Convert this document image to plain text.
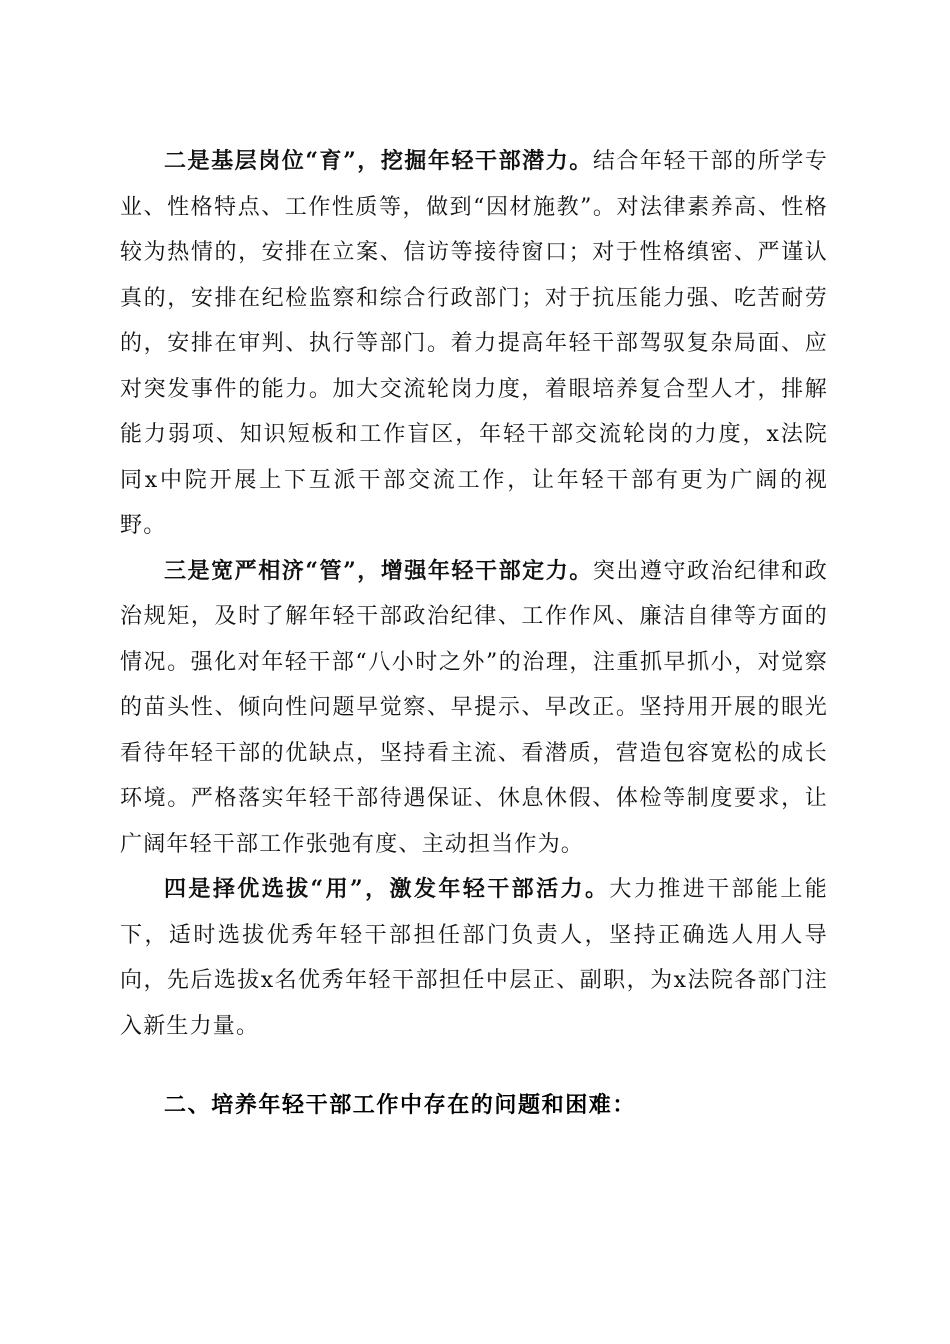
二是基层岗位“育”，挖掘年轻干部潜力。结合年轻干部的所学专业、性格特点、工作性质等，做到“因材施教”。对法律素养高、性格较为热情的，安排在立案、信访等接待窗口；对于性格缜密、严谨认真的，安排在纪检监察和综合行政部门；对于抗压能力强、吃苦耐劳的，安排在审判、执行等部门。着力提高年轻干部驾驭复杂局面、应对突发事件的能力。加大交流轮岗力度，着眼培养复合型人才，排解能力弱项、知识短板和工作盲区，年轻干部交流轮岗的力度，x法院同x中院开展上下互派干部交流工作，让年轻干部有更为广阔的视野。

三是宽严相济“管”，增强年轻干部定力。突出遵守政治纪律和政治规矩，及时了解年轻干部政治纪律、工作作风、廉洁自律等方面的情况。强化对年轻干部“八小时之外”的治理，注重抓早抓小，对觉察的苗头性、倾向性问题早觉察、早提示、早改正。坚持用开展的眼光看待年轻干部的优缺点，坚持看主流、看潜质，营造包容宽松的成长环境。严格落实年轻干部待遇保证、休息休假、体检等制度要求，让广阔年轻干部工作张弛有度、主动担当作为。

四是择优选拔“用”，激发年轻干部活力。大力推进干部能上能下，适时选拔优秀年轻干部担任部门负责人，坚持正确选人用人导向，先后选拔x名优秀年轻干部担任中层正、副职，为x法院各部门注入新生力量。

二、培养年轻干部工作中存在的问题和困难：
